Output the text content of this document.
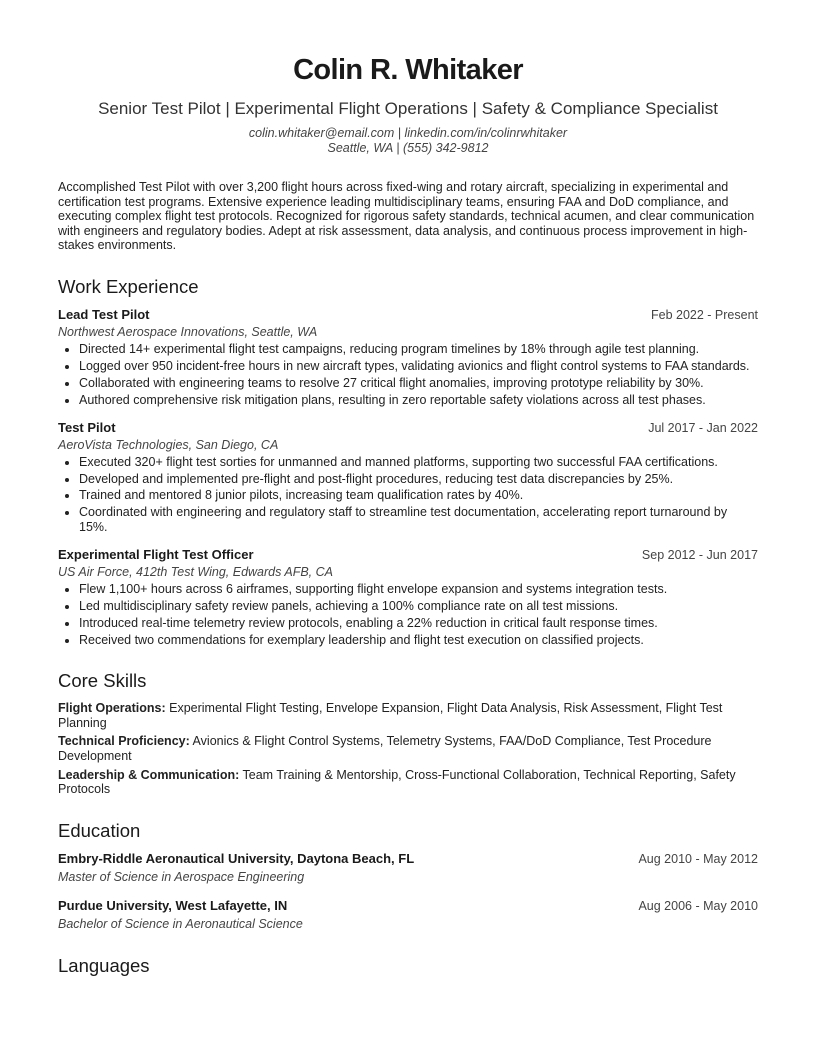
Colin R. Whitaker
Senior Test Pilot | Experimental Flight Operations | Safety & Compliance Specialist
colin.whitaker@email.com | linkedin.com/in/colinrwhitaker
Seattle, WA | (555) 342-9812
Accomplished Test Pilot with over 3,200 flight hours across fixed-wing and rotary aircraft, specializing in experimental and certification test programs. Extensive experience leading multidisciplinary teams, ensuring FAA and DoD compliance, and executing complex flight test protocols. Recognized for rigorous safety standards, technical acumen, and clear communication with engineers and regulatory bodies. Adept at risk assessment, data analysis, and continuous process improvement in high-stakes environments.
Work Experience
Lead Test Pilot	Feb 2022 - Present
Northwest Aerospace Innovations, Seattle, WA
• Directed 14+ experimental flight test campaigns, reducing program timelines by 18% through agile test planning.
• Logged over 950 incident-free hours in new aircraft types, validating avionics and flight control systems to FAA standards.
• Collaborated with engineering teams to resolve 27 critical flight anomalies, improving prototype reliability by 30%.
• Authored comprehensive risk mitigation plans, resulting in zero reportable safety violations across all test phases.
Test Pilot	Jul 2017 - Jan 2022
AeroVista Technologies, San Diego, CA
• Executed 320+ flight test sorties for unmanned and manned platforms, supporting two successful FAA certifications.
• Developed and implemented pre-flight and post-flight procedures, reducing test data discrepancies by 25%.
• Trained and mentored 8 junior pilots, increasing team qualification rates by 40%.
• Coordinated with engineering and regulatory staff to streamline test documentation, accelerating report turnaround by 15%.
Experimental Flight Test Officer	Sep 2012 - Jun 2017
US Air Force, 412th Test Wing, Edwards AFB, CA
• Flew 1,100+ hours across 6 airframes, supporting flight envelope expansion and systems integration tests.
• Led multidisciplinary safety review panels, achieving a 100% compliance rate on all test missions.
• Introduced real-time telemetry review protocols, enabling a 22% reduction in critical fault response times.
• Received two commendations for exemplary leadership and flight test execution on classified projects.
Core Skills
Flight Operations: Experimental Flight Testing, Envelope Expansion, Flight Data Analysis, Risk Assessment, Flight Test Planning
Technical Proficiency: Avionics & Flight Control Systems, Telemetry Systems, FAA/DoD Compliance, Test Procedure Development
Leadership & Communication: Team Training & Mentorship, Cross-Functional Collaboration, Technical Reporting, Safety Protocols
Education
Embry-Riddle Aeronautical University, Daytona Beach, FL	Aug 2010 - May 2012
Master of Science in Aerospace Engineering
Purdue University, West Lafayette, IN	Aug 2006 - May 2010
Bachelor of Science in Aeronautical Science
Languages
